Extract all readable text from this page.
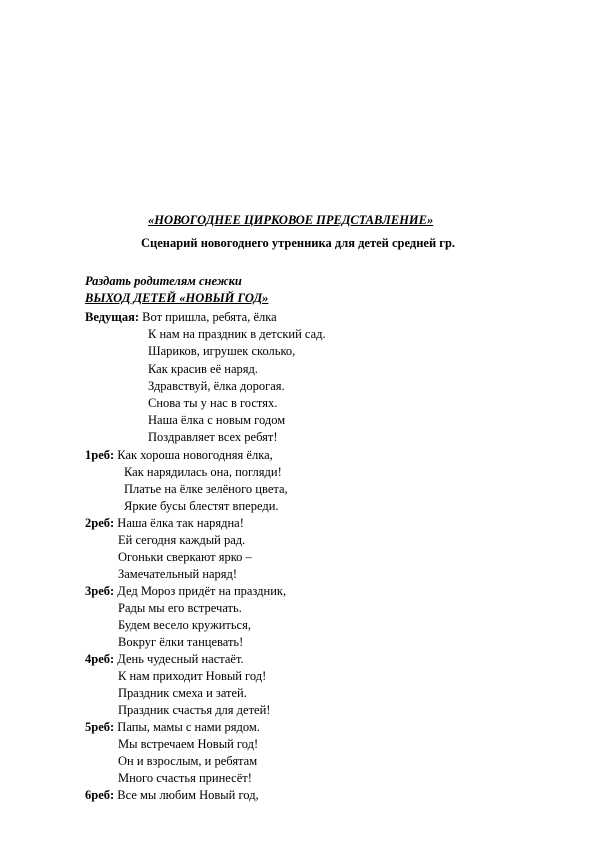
«НОВОГОДНЕЕ ЦИРКОВОЕ ПРЕДСТАВЛЕНИЕ»
Сценарий новогоднего утренника для детей средней гр.
Раздать родителям снежки
ВЫХОД ДЕТЕЙ «НОВЫЙ ГОД»
Ведущая: Вот пришла, ребята, ёлка
К нам на праздник в детский сад.
Шариков, игрушек сколько,
Как красив её наряд.
Здравствуй, ёлка дорогая.
Снова ты у нас в гостях.
Наша ёлка с новым годом
Поздравляет всех ребят!
1реб: Как хороша новогодняя ёлка,
Как нарядилась она, погляди!
Платье на ёлке зелёного цвета,
Яркие бусы блестят впереди.
2реб: Наша ёлка так нарядна!
Ей сегодня каждый рад.
Огоньки сверкают ярко –
Замечательный наряд!
3реб: Дед Мороз придёт на праздник,
Рады мы его встречать.
Будем весело кружиться,
Вокруг ёлки танцевать!
4реб: День чудесный настаёт.
К нам приходит Новый год!
Праздник смеха и затей.
Праздник счастья для детей!
5реб: Папы, мамы с нами рядом.
Мы встречаем Новый год!
Он и взрослым, и ребятам
Много счастья принесёт!
6реб: Все мы любим Новый год,
